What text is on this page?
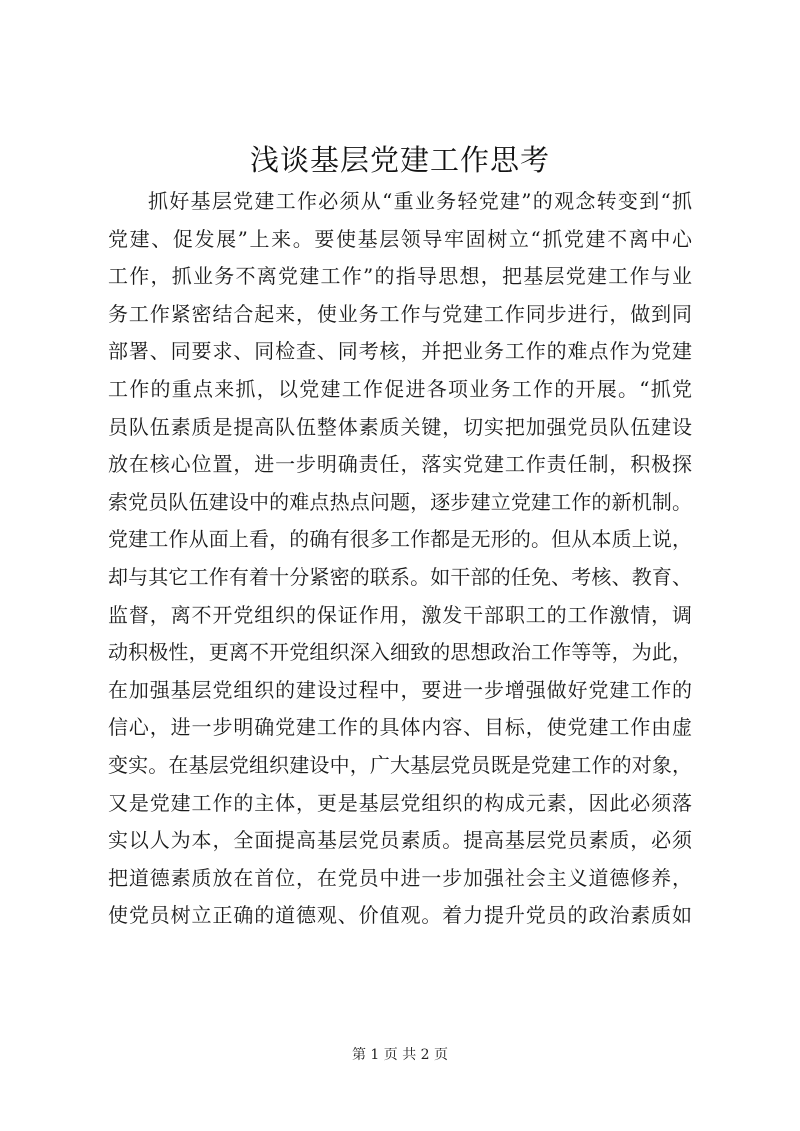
浅谈基层党建工作思考
抓好基层党建工作必须从“重业务轻党建”的观念转变到“抓
党建、促发展”上来。要使基层领导牢固树立“抓党建不离中心
工作，抓业务不离党建工作”的指导思想，把基层党建工作与业
务工作紧密结合起来，使业务工作与党建工作同步进行，做到同
部署、同要求、同检查、同考核，并把业务工作的难点作为党建
工作的重点来抓，以党建工作促进各项业务工作的开展。“抓党
员队伍素质是提高队伍整体素质关键，切实把加强党员队伍建设
放在核心位置，进一步明确责任，落实党建工作责任制，积极探
索党员队伍建设中的难点热点问题，逐步建立党建工作的新机制。
党建工作从面上看，的确有很多工作都是无形的。但从本质上说，
却与其它工作有着十分紧密的联系。如干部的任免、考核、教育、
监督，离不开党组织的保证作用，激发干部职工的工作激情，调
动积极性，更离不开党组织深入细致的思想政治工作等等，为此，
在加强基层党组织的建设过程中，要进一步增强做好党建工作的
信心，进一步明确党建工作的具体内容、目标，使党建工作由虚
变实。在基层党组织建设中，广大基层党员既是党建工作的对象，
又是党建工作的主体，更是基层党组织的构成元素，因此必须落
实以人为本，全面提高基层党员素质。提高基层党员素质，必须
把道德素质放在首位，在党员中进一步加强社会主义道德修养，
使党员树立正确的道德观、价值观。着力提升党员的政治素质如
第 1 页 共 2 页
